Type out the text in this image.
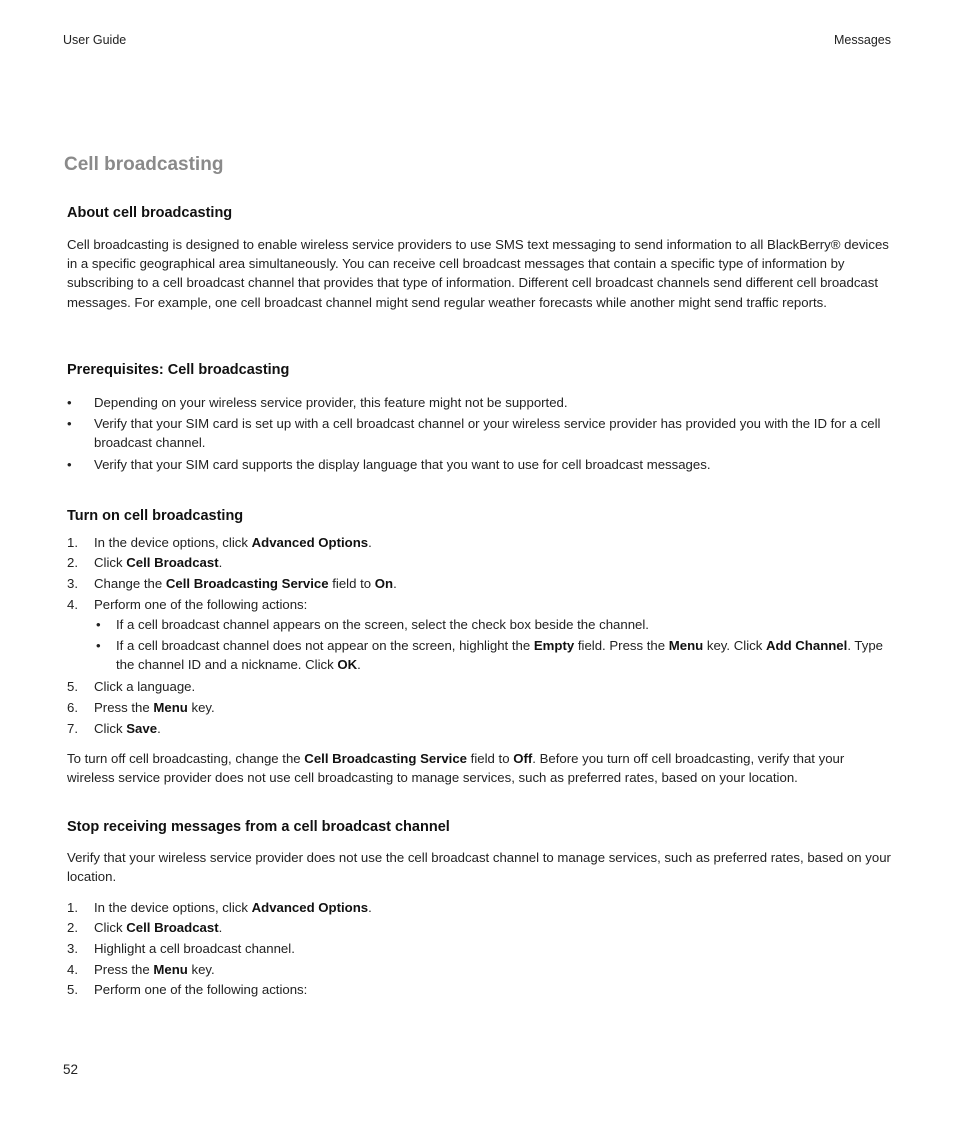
User Guide	Messages
Cell broadcasting
About cell broadcasting

Cell broadcasting is designed to enable wireless service providers to use SMS text messaging to send information to all BlackBerry® devices in a specific geographical area simultaneously. You can receive cell broadcast messages that contain a specific type of information by subscribing to a cell broadcast channel that provides that type of information. Different cell broadcast channels send different cell broadcast messages. For example, one cell broadcast channel might send regular weather forecasts while another might send traffic reports.

Prerequisites: Cell broadcasting
• Depending on your wireless service provider, this feature might not be supported.
• Verify that your SIM card is set up with a cell broadcast channel or your wireless service provider has provided you with the ID for a cell broadcast channel.
• Verify that your SIM card supports the display language that you want to use for cell broadcast messages.
Turn on cell broadcasting
1. In the device options, click Advanced Options.
2. Click Cell Broadcast.
3. Change the Cell Broadcasting Service field to On.
4. Perform one of the following actions:
• If a cell broadcast channel appears on the screen, select the check box beside the channel.
• If a cell broadcast channel does not appear on the screen, highlight the Empty field. Press the Menu key. Click Add Channel. Type the channel ID and a nickname. Click OK.
5. Click a language.
6. Press the Menu key.
7. Click Save.

To turn off cell broadcasting, change the Cell Broadcasting Service field to Off. Before you turn off cell broadcasting, verify that your wireless service provider does not use cell broadcasting to manage services, such as preferred rates, based on your location.

Stop receiving messages from a cell broadcast channel

Verify that your wireless service provider does not use the cell broadcast channel to manage services, such as preferred rates, based on your location.

1. In the device options, click Advanced Options.
2. Click Cell Broadcast.
3. Highlight a cell broadcast channel.
4. Press the Menu key.
5. Perform one of the following actions:
52
